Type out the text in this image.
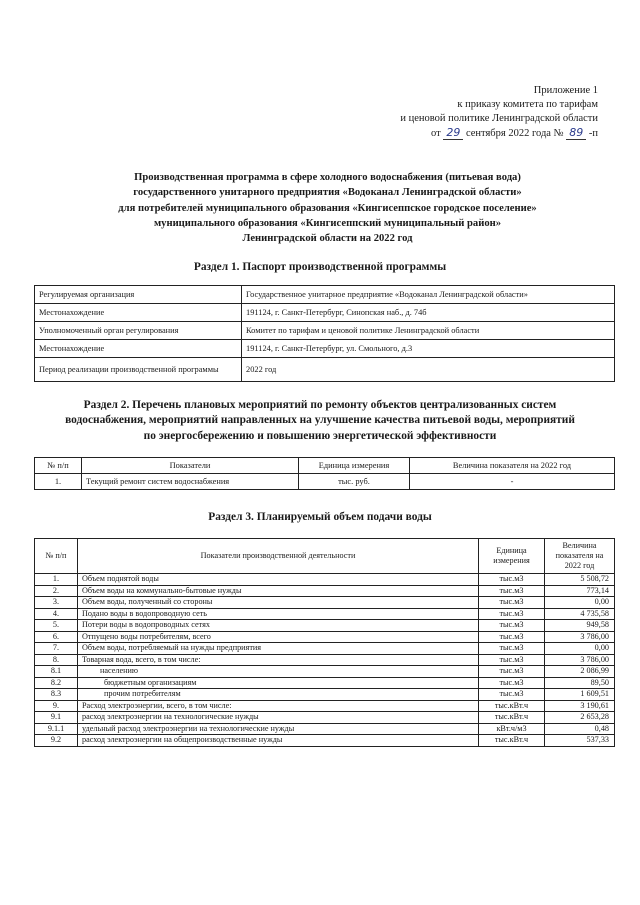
Приложение 1
к приказу комитета по тарифам
и ценовой политике Ленинградской области
от 29 сентября 2022 года № 89 -п
Производственная программа в сфере холодного водоснабжения (питьевая вода)
государственного унитарного предприятия «Водоканал Ленинградской области»
для потребителей муниципального образования «Кингисеппское городское поселение»
муниципального образования «Кингисеппский муниципальный район»
Ленинградской области на 2022 год
Раздел 1. Паспорт производственной программы
Регулируемая организация	Государственное унитарное предприятие «Водоканал Ленинградской области»
Местонахождение	191124, г. Санкт-Петербург, Синопская наб., д. 74б
Уполномоченный орган регулирования	Комитет по тарифам и ценовой политике Ленинградской области
Местонахождение	191124, г. Санкт-Петербург, ул. Смольного, д.3
Период реализации производственной программы	2022 год
Раздел 2. Перечень плановых мероприятий по ремонту объектов централизованных систем
водоснабжения, мероприятий направленных на улучшение качества питьевой воды, мероприятий
по энергосбережению и повышению энергетической эффективности
№ п/п	Показатели	Единица измерения	Величина показателя на 2022 год
1.	Текущий ремонт систем водоснабжения	тыс. руб.	-
Раздел 3. Планируемый объем подачи воды
№ п/п	Показатели производственной деятельности	Единица измерения	Величина показателя на 2022 год
1.	Объем поднятой воды	тыс.м3	5 508,72
2.	Объем воды на коммунально-бытовые нужды	тыс.м3	773,14
3.	Объем воды, полученный со стороны	тыс.м3	0,00
4.	Подано воды в водопроводную сеть	тыс.м3	4 735,58
5.	Потери воды в водопроводных сетях	тыс.м3	949,58
6.	Отпущено воды потребителям, всего	тыс.м3	3 786,00
7.	Объем воды, потребляемый на нужды предприятия	тыс.м3	0,00
8.	Товарная вода, всего, в том числе:	тыс.м3	3 786,00
8.1	населению	тыс.м3	2 086,99
8.2	бюджетным организациям	тыс.м3	89,50
8.3	прочим потребителям	тыс.м3	1 609,51
9.	Расход электроэнергии, всего, в том числе:	тыс.кВт.ч	3 190,61
9.1	расход электроэнергии на технологические нужды	тыс.кВт.ч	2 653,28
9.1.1	удельный расход электроэнергии на технологические нужды	кВт.ч/м3	0,48
9.2	расход электроэнергии на общепроизводственные нужды	тыс.кВт.ч	537,33
